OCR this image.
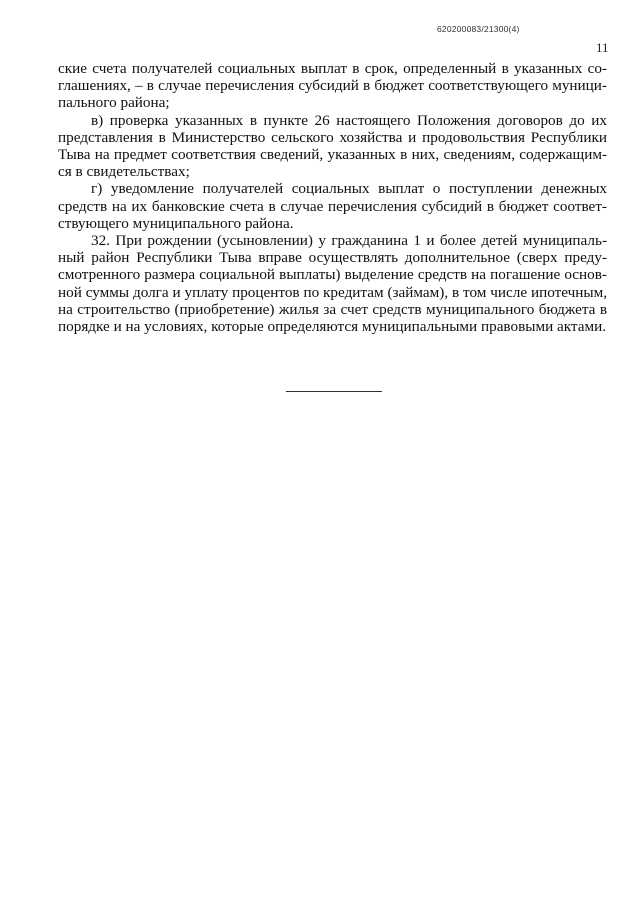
620200083/21300(4)
11
ские счета получателей социальных выплат в срок, определенный в указанных со-
глашениях, – в случае перечисления субсидий в бюджет соответствующего муници-
пального района;
в) проверка указанных в пункте 26 настоящего Положения договоров до их
представления в Министерство сельского хозяйства и продовольствия Республики
Тыва на предмет соответствия сведений, указанных в них, сведениям, содержащим-
ся в свидетельствах;
г) уведомление получателей социальных выплат о поступлении денежных
средств на их банковские счета в случае перечисления субсидий в бюджет соответ-
ствующего муниципального района.
32. При рождении (усыновлении) у гражданина 1 и более детей муниципаль-
ный район Республики Тыва вправе осуществлять дополнительное (сверх преду-
смотренного размера социальной выплаты) выделение средств на погашение основ-
ной суммы долга и уплату процентов по кредитам (займам), в том числе ипотечным,
на строительство (приобретение) жилья за счет средств муниципального бюджета в
порядке и на условиях, которые определяются муниципальными правовыми актами.
